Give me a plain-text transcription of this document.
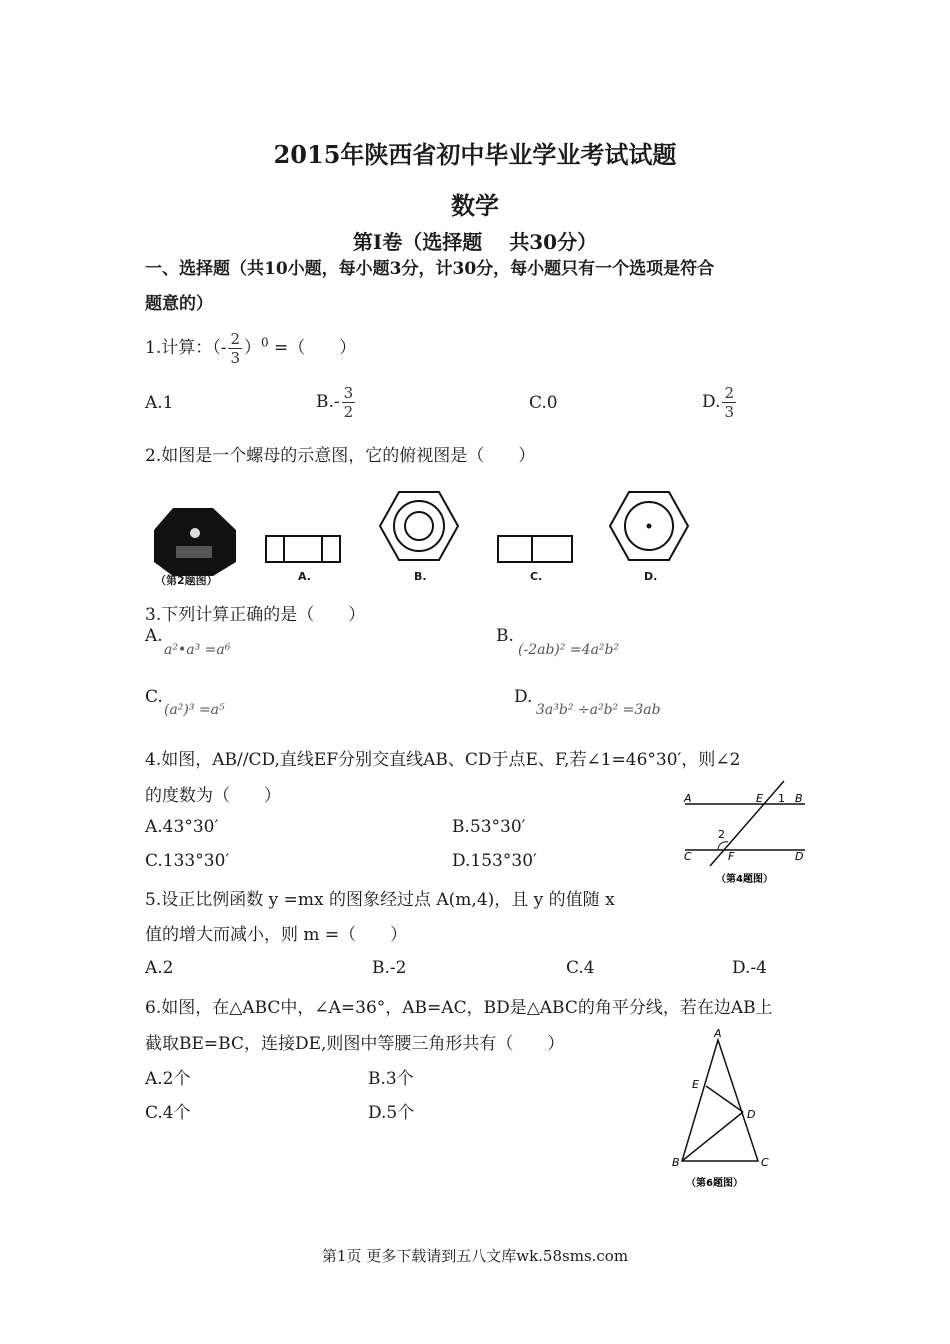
2015年陕西省初中毕业学业考试试题
数学
第Ⅰ卷（选择题　 共30分）
一、选择题（共10小题，每小题3分，计30分，每小题只有一个选项是符合
题意的）
1.计算：（- $\frac{2}{3} )^0$ =（　　）
A.1	$B.- \frac{3}{2}$	C.0	D. $\frac{2}{3}$
2.如图是一个螺母的示意图，它的俯视图是（　　）
（第2题图）	A.	B.	C.	D.
3.下列计算正确的是（　　）
A.
a²•a³ =a⁶
B.
(-2ab)² =4a²b²
C.
(a²)³ =a⁵
D.
3a³b² ÷a²b² =3ab
4.如图，AB//CD,直线EF分别交直线AB、CD于点E、F,若∠1=46°30′，则∠2
的度数为（　　）
A.43°30′	B.53°30′
C.133°30′	D.153°30′
A	E 1 B
2
C	F	D
（第4题图）
5.设正比例函数 y =mx 的图象经过点 A(m,4)，且 y 的值随 x
值的增大而减小，则 m =（　　）
A.2	B.-2	C.4	D.-4
6.如图，在△ABC中，∠A=36°，AB=AC，BD是△ABC的角平分线，若在边AB上
截取BE=BC，连接DE,则图中等腰三角形共有（　　）
A.2个	B.3个
C.4个	D.5个
A
E
D
B	C
（第6题图）
第1页 更多下载请到五八文库wk.58sms.com
